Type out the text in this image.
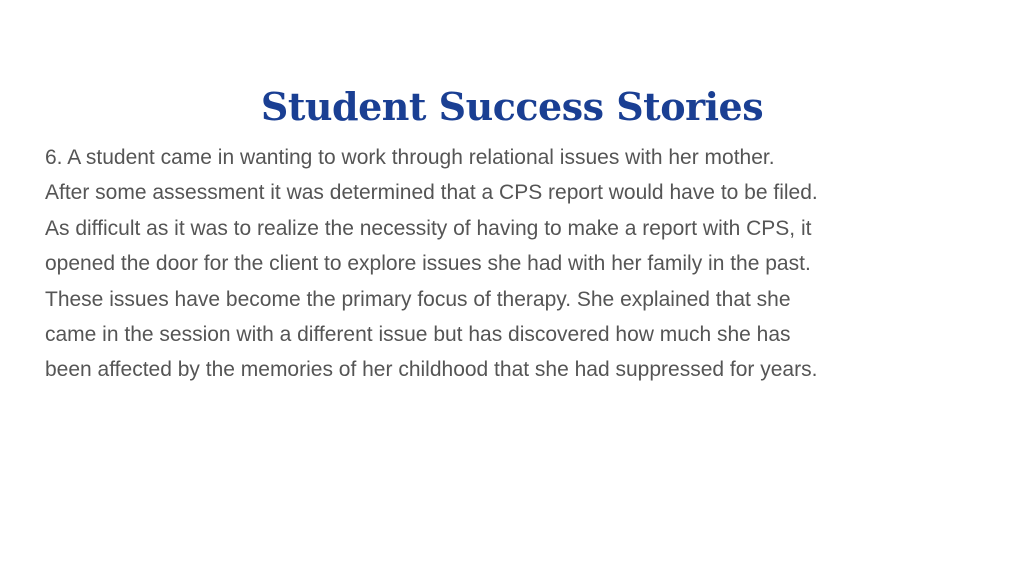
Student Success Stories

6. A student came in wanting to work through relational issues with her mother.
After some assessment it was determined that a CPS report would have to be filed.
As difficult as it was to realize the necessity of having to make a report with CPS, it
opened the door for the client to explore issues she had with her family in the past.
These issues have become the primary focus of therapy. She explained that she
came in the session with a different issue but has discovered how much she has
been affected by the memories of her childhood that she had suppressed for years.
